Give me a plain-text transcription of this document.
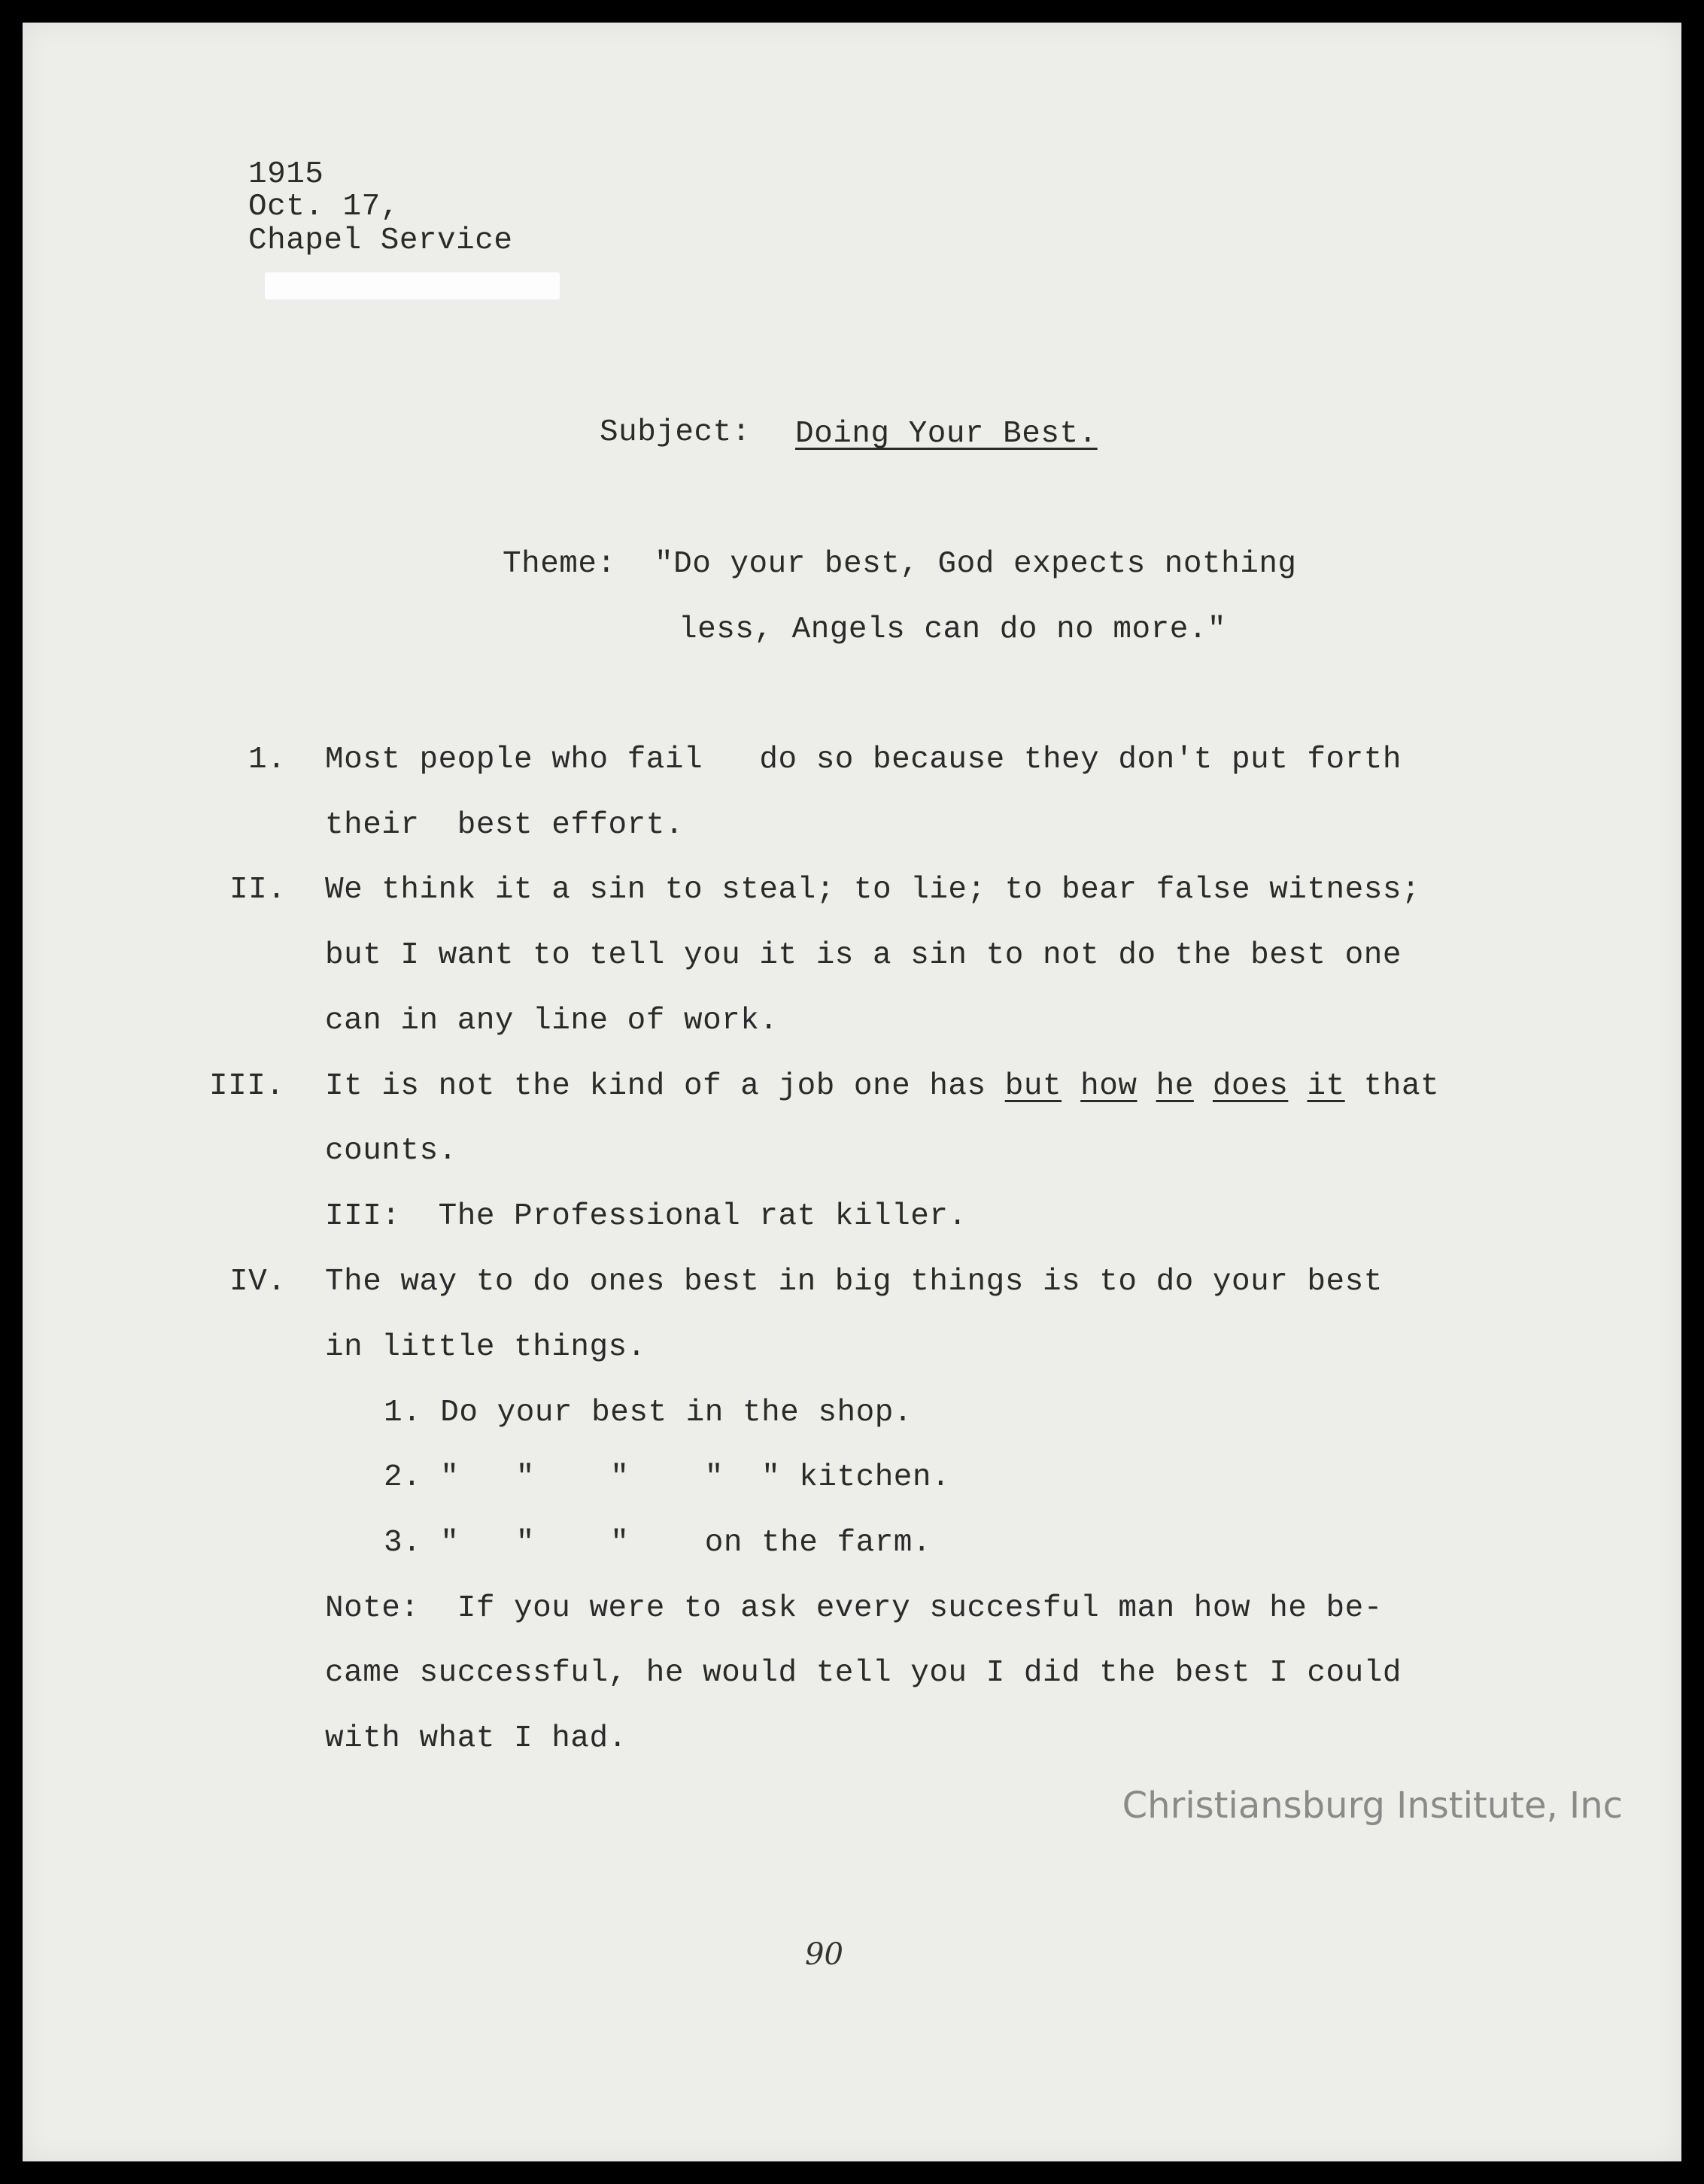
1915
Oct. 17,
Chapel Service
Subject: Doing Your Best.
Theme: "Do your best, God expects nothing
less, Angels can do no more."
1. Most people who fail   do so because they don't put forth
their  best effort.
II. We think it a sin to steal; to lie; to bear false witness;
but I want to tell you it is a sin to not do the best one
can in any line of work.
III. It is not the kind of a job one has but how he does it that
counts.
III:  The Professional rat killer.
IV. The way to do ones best in big things is to do your best
in little things.
1. Do your best in the shop.
2. "   "    "    "  " kitchen.
3. "   "    "    on the farm.
Note:  If you were to ask every succesful man how he be-
came successful, he would tell you I did the best I could
with what I had.
90
Christiansburg Institute, Inc
